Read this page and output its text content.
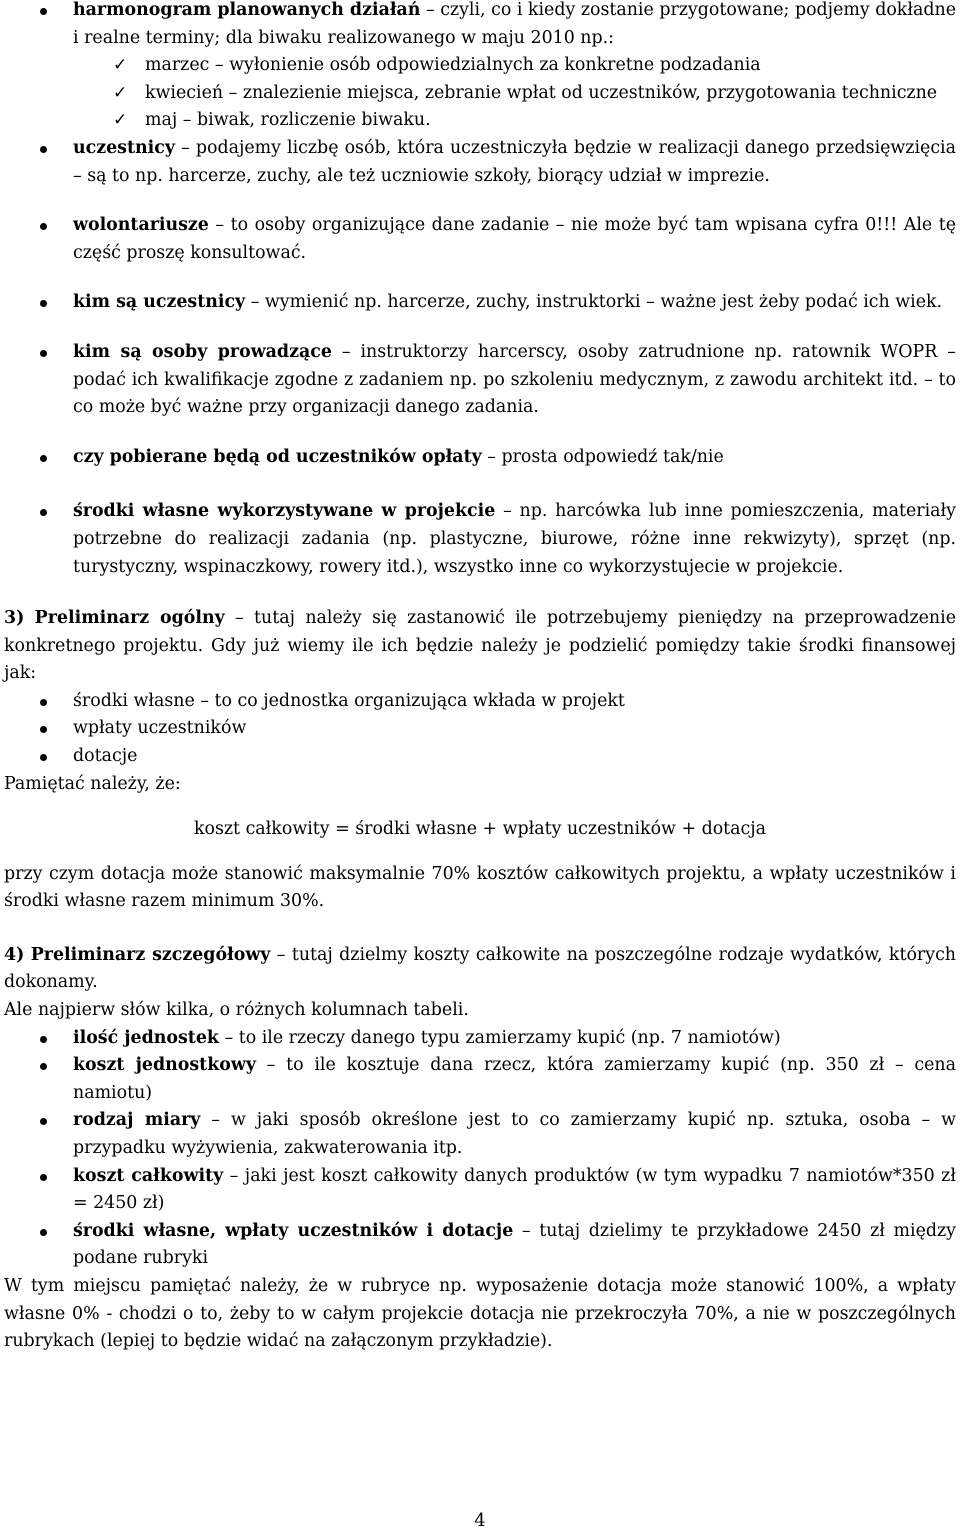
harmonogram planowanych działań – czyli, co i kiedy zostanie przygotowane; podjemy dokładne i realne terminy; dla biwaku realizowanego w maju 2010 np.:
✓ marzec – wyłonienie osób odpowiedzialnych za konkretne podzadania
✓ kwiecień – znalezienie miejsca, zebranie wpłat od uczestników, przygotowania techniczne
✓ maj – biwak, rozliczenie biwaku.
uczestnicy – podajemy liczbę osób, która uczestniczyła będzie w realizacji danego przedsięwzięcia – są to np. harcerze, zuchy, ale też uczniowie szkoły, biorący udział w imprezie.
wolontariusze – to osoby organizujące dane zadanie – nie może być tam wpisana cyfra 0!!! Ale tę część proszę konsultować.
kim są uczestnicy – wymienić np. harcerze, zuchy, instruktorki – ważne jest żeby podać ich wiek.
kim są osoby prowadzące – instruktorzy harcerscy, osoby zatrudnione np. ratownik WOPR – podać ich kwalifikacje zgodne z zadaniem np. po szkoleniu medycznym, z zawodu architekt itd. – to co może być ważne przy organizacji danego zadania.
czy pobierane będą od uczestników opłaty – prosta odpowiedź tak/nie
środki własne wykorzystywane w projekcie – np. harcówka lub inne pomieszczenia, materiały potrzebne do realizacji zadania (np. plastyczne, biurowe, różne inne rekwizyty), sprzęt (np. turystyczny, wspinaczkowy, rowery itd.), wszystko inne co wykorzystujecie w projekcie.

3) Preliminarz ogólny – tutaj należy się zastanowić ile potrzebujemy pieniędzy na przeprowadzenie konkretnego projektu. Gdy już wiemy ile ich będzie należy je podzielić pomiędzy takie środki finansowej jak:

środki własne – to co jednostka organizująca wkłada w projekt
wpłaty uczestników
dotacje

Pamiętać należy, że:

koszt całkowity = środki własne + wpłaty uczestników + dotacja

przy czym dotacja może stanowić maksymalnie 70% kosztów całkowitych projektu, a wpłaty uczestników i środki własne razem minimum 30%.

4) Preliminarz szczegółowy – tutaj dzielmy koszty całkowite na poszczególne rodzaje wydatków, których dokonamy.

Ale najpierw słów kilka, o różnych kolumnach tabeli.

ilość jednostek – to ile rzeczy danego typu zamierzamy kupić (np. 7 namiotów)
koszt jednostkowy – to ile kosztuje dana rzecz, która zamierzamy kupić (np. 350 zł – cena namiotu)
rodzaj miary – w jaki sposób określone jest to co zamierzamy kupić np. sztuka, osoba – w przypadku wyżywienia, zakwaterowania itp.
koszt całkowity – jaki jest koszt całkowity danych produktów (w tym wypadku 7 namiotów*350 zł = 2450 zł)
środki własne, wpłaty uczestników i dotacje – tutaj dzielimy te przykładowe 2450 zł między podane rubryki

W tym miejscu pamiętać należy, że w rubryce np. wyposażenie dotacja może stanowić 100%, a wpłaty własne 0% - chodzi o to, żeby to w całym projekcie dotacja nie przekroczyła 70%, a nie w poszczególnych rubrykach (lepiej to będzie widać na załączonym przykładzie).

4
